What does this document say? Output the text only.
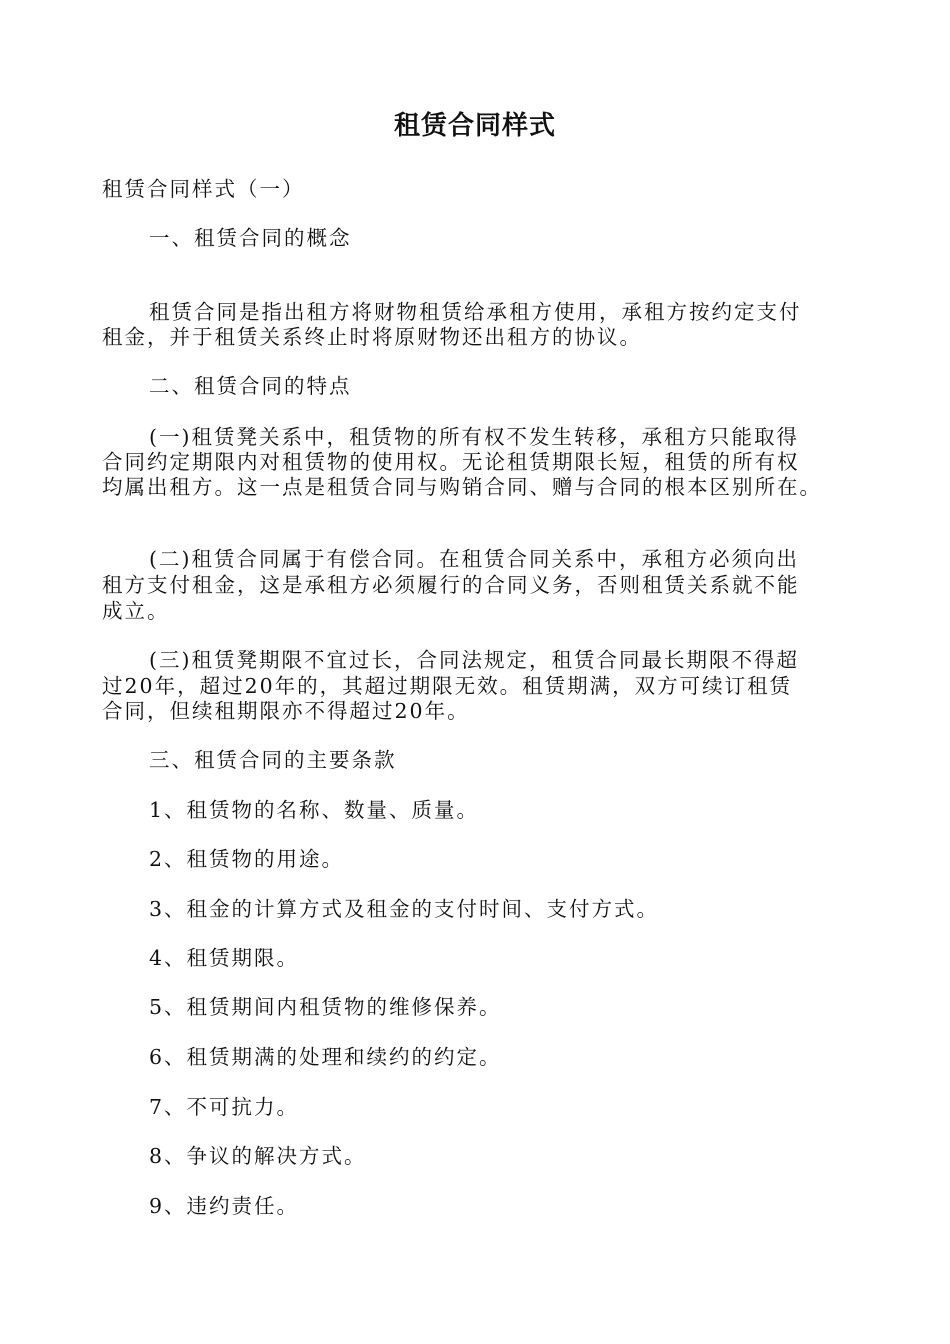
租赁合同样式
租赁合同样式（一）
一、租赁合同的概念
租赁合同是指出租方将财物租赁给承租方使用，承租方按约定支付
租金，并于租赁关系终止时将原财物还出租方的协议。
二、租赁合同的特点
(一)租赁凳关系中，租赁物的所有权不发生转移，承租方只能取得
合同约定期限内对租赁物的使用权。无论租赁期限长短，租赁的所有权
均属出租方。这一点是租赁合同与购销合同、赠与合同的根本区别所在。
(二)租赁合同属于有偿合同。在租赁合同关系中，承租方必须向出
租方支付租金，这是承租方必须履行的合同义务，否则租赁关系就不能
成立。
(三)租赁凳期限不宜过长，合同法规定，租赁合同最长期限不得超
过20年，超过20年的，其超过期限无效。租赁期满，双方可续订租赁
合同，但续租期限亦不得超过20年。
三、租赁合同的主要条款
1、租赁物的名称、数量、质量。
2、租赁物的用途。
3、租金的计算方式及租金的支付时间、支付方式。
4、租赁期限。
5、租赁期间内租赁物的维修保养。
6、租赁期满的处理和续约的约定。
7、不可抗力。
8、争议的解决方式。
9、违约责任。
